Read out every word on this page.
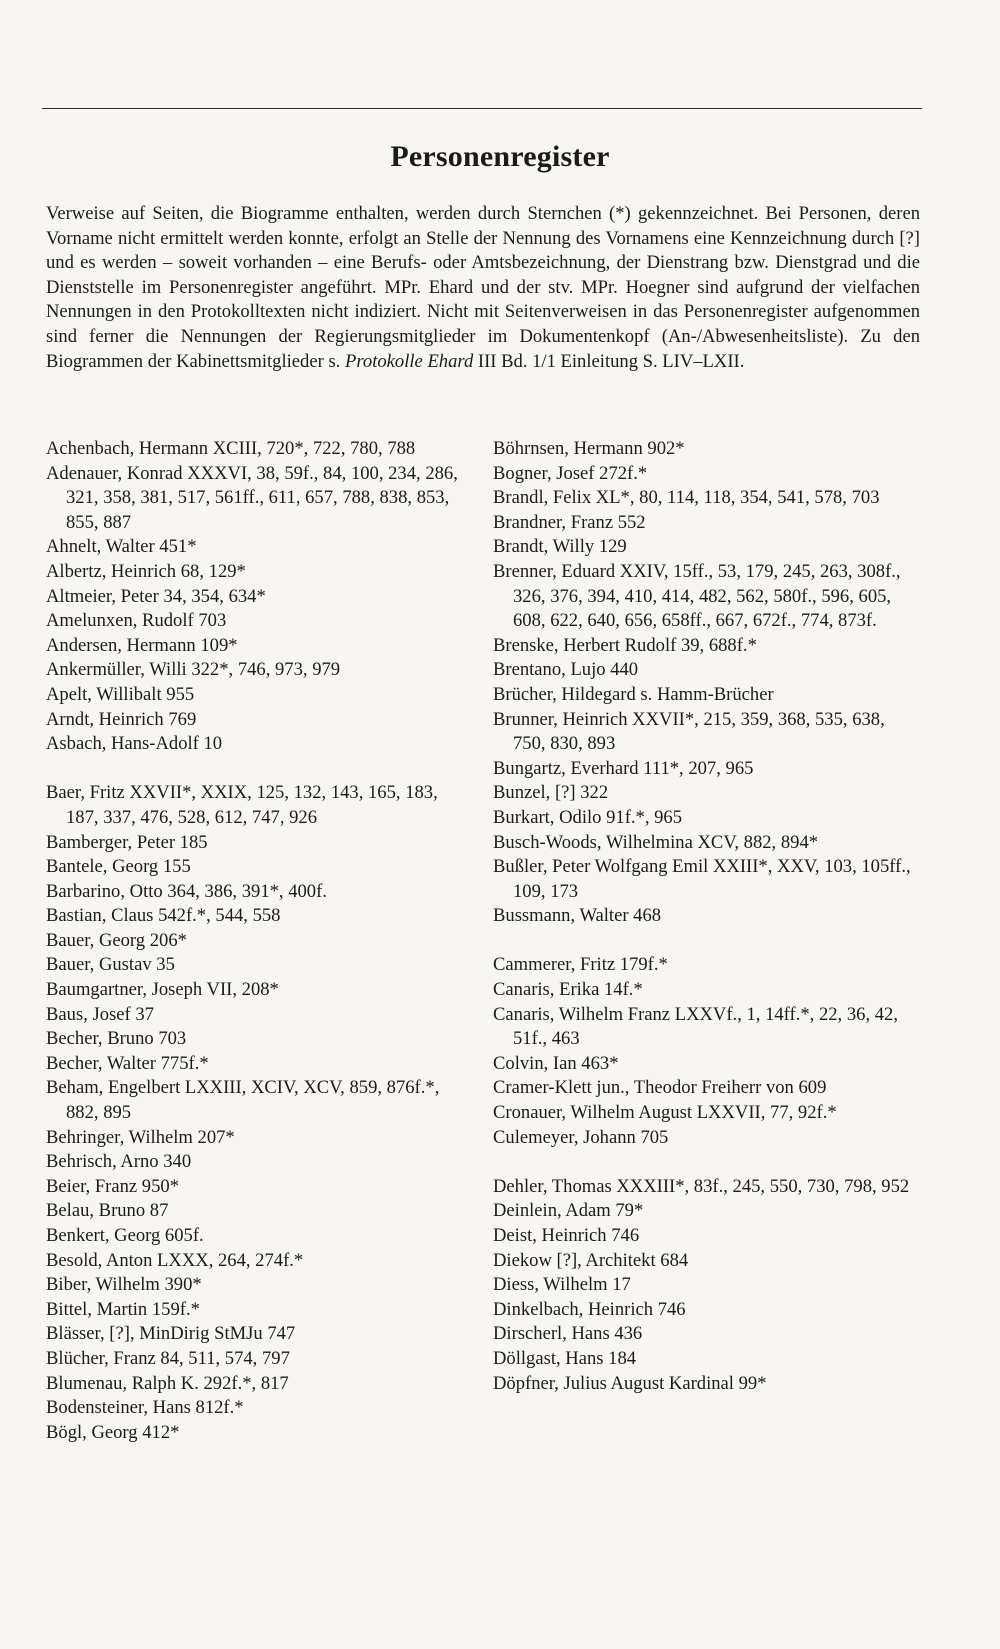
Personenregister
Verweise auf Seiten, die Biogramme enthalten, werden durch Sternchen (*) gekennzeichnet. Bei Personen, deren Vorname nicht ermittelt werden konnte, erfolgt an Stelle der Nennung des Vornamens eine Kennzeichnung durch [?] und es werden – soweit vorhanden – eine Berufs- oder Amtsbezeichnung, der Dienstrang bzw. Dienstgrad und die Dienststelle im Personenregister angeführt. MPr. Ehard und der stv. MPr. Hoegner sind aufgrund der vielfachen Nennungen in den Protokolltexten nicht indiziert. Nicht mit Seitenverweisen in das Personenregister aufgenommen sind ferner die Nennungen der Regierungsmitglieder im Dokumentenkopf (An-/Abwesenheitsliste). Zu den Biogrammen der Kabinettsmitglieder s. Protokolle Ehard III Bd. 1/1 Einleitung S. LIV–LXII.
Achenbach, Hermann XCIII, 720*, 722, 780, 788
Adenauer, Konrad XXXVI, 38, 59f., 84, 100, 234, 286, 321, 358, 381, 517, 561ff., 611, 657, 788, 838, 853, 855, 887
Ahnelt, Walter 451*
Albertz, Heinrich 68, 129*
Altmeier, Peter 34, 354, 634*
Amelunxen, Rudolf 703
Andersen, Hermann 109*
Ankermüller, Willi 322*, 746, 973, 979
Apelt, Willibalt 955
Arndt, Heinrich 769
Asbach, Hans-Adolf 10
Baer, Fritz XXVII*, XXIX, 125, 132, 143, 165, 183, 187, 337, 476, 528, 612, 747, 926
Bamberger, Peter 185
Bantele, Georg 155
Barbarino, Otto 364, 386, 391*, 400f.
Bastian, Claus 542f.*, 544, 558
Bauer, Georg 206*
Bauer, Gustav 35
Baumgartner, Joseph VII, 208*
Baus, Josef 37
Becher, Bruno 703
Becher, Walter 775f.*
Beham, Engelbert LXXIII, XCIV, XCV, 859, 876f.*, 882, 895
Behringer, Wilhelm 207*
Behrisch, Arno 340
Beier, Franz 950*
Belau, Bruno 87
Benkert, Georg 605f.
Besold, Anton LXXX, 264, 274f.*
Biber, Wilhelm 390*
Bittel, Martin 159f.*
Blässer, [?], MinDirig StMJu 747
Blücher, Franz 84, 511, 574, 797
Blumenau, Ralph K. 292f.*, 817
Bodensteiner, Hans 812f.*
Bögl, Georg 412*
Böhrnsen, Hermann 902*
Bogner, Josef 272f.*
Brandl, Felix XL*, 80, 114, 118, 354, 541, 578, 703
Brandner, Franz 552
Brandt, Willy 129
Brenner, Eduard XXIV, 15ff., 53, 179, 245, 263, 308f., 326, 376, 394, 410, 414, 482, 562, 580f., 596, 605, 608, 622, 640, 656, 658ff., 667, 672f., 774, 873f.
Brenske, Herbert Rudolf 39, 688f.*
Brentano, Lujo 440
Brücher, Hildegard s. Hamm-Brücher
Brunner, Heinrich XXVII*, 215, 359, 368, 535, 638, 750, 830, 893
Bungartz, Everhard 111*, 207, 965
Bunzel, [?] 322
Burkart, Odilo 91f.*, 965
Busch-Woods, Wilhelmina XCV, 882, 894*
Bußler, Peter Wolfgang Emil XXIII*, XXV, 103, 105ff., 109, 173
Bussmann, Walter 468
Cammerer, Fritz 179f.*
Canaris, Erika 14f.*
Canaris, Wilhelm Franz LXXVf., 1, 14ff.*, 22, 36, 42, 51f., 463
Colvin, Ian 463*
Cramer-Klett jun., Theodor Freiherr von 609
Cronauer, Wilhelm August LXXVII, 77, 92f.*
Culemeyer, Johann 705
Dehler, Thomas XXXIII*, 83f., 245, 550, 730, 798, 952
Deinlein, Adam 79*
Deist, Heinrich 746
Diekow [?], Architekt 684
Diess, Wilhelm 17
Dinkelbach, Heinrich 746
Dirscherl, Hans 436
Döllgast, Hans 184
Döpfner, Julius August Kardinal 99*
